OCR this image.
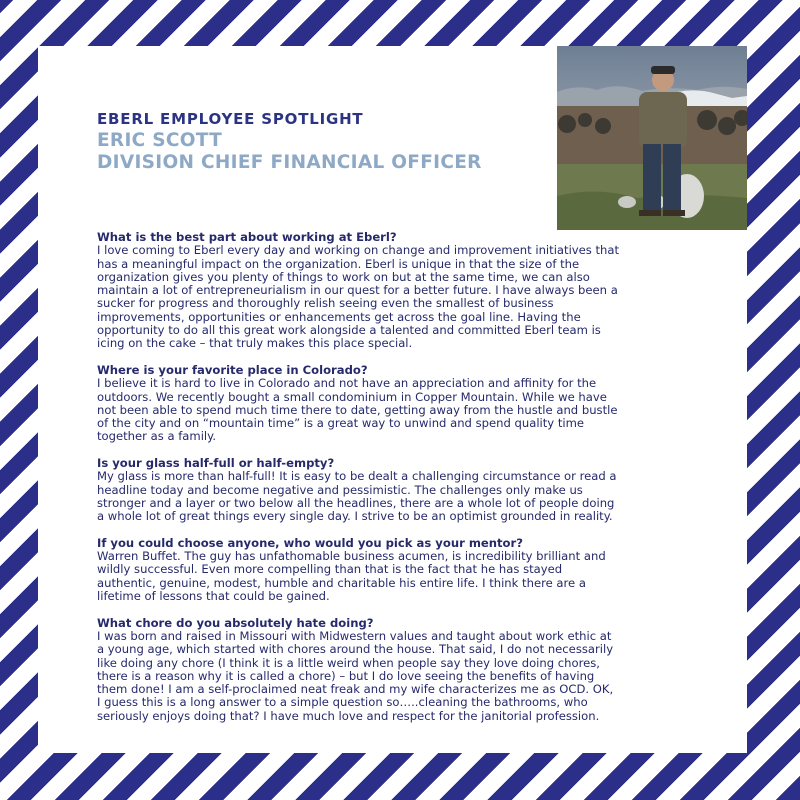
EBERL EMPLOYEE SPOTLIGHT
ERIC SCOTT
DIVISION CHIEF FINANCIAL OFFICER
What is the best part about working at Eberl?
I love coming to Eberl every day and working on change and improvement initiatives that
has a meaningful impact on the organization. Eberl is unique in that the size of the
organization gives you plenty of things to work on but at the same time, we can also
maintain a lot of entrepreneurialism in our quest for a better future. I have always been a
sucker for progress and thoroughly relish seeing even the smallest of business
improvements, opportunities or enhancements get across the goal line. Having the
opportunity to do all this great work alongside a talented and committed Eberl team is
icing on the cake – that truly makes this place special.
Where is your favorite place in Colorado?
I believe it is hard to live in Colorado and not have an appreciation and affinity for the
outdoors. We recently bought a small condominium in Copper Mountain. While we have
not been able to spend much time there to date, getting away from the hustle and bustle
of the city and on “mountain time” is a great way to unwind and spend quality time
together as a family.
Is your glass half-full or half-empty?
My glass is more than half-full! It is easy to be dealt a challenging circumstance or read a
headline today and become negative and pessimistic. The challenges only make us
stronger and a layer or two below all the headlines, there are a whole lot of people doing
a whole lot of great things every single day. I strive to be an optimist grounded in reality.
If you could choose anyone, who would you pick as your mentor?
Warren Buffet. The guy has unfathomable business acumen, is incredibility brilliant and
wildly successful. Even more compelling than that is the fact that he has stayed
authentic, genuine, modest, humble and charitable his entire life. I think there are a
lifetime of lessons that could be gained.
What chore do you absolutely hate doing?
I was born and raised in Missouri with Midwestern values and taught about work ethic at
a young age, which started with chores around the house. That said, I do not necessarily
like doing any chore (I think it is a little weird when people say they love doing chores,
there is a reason why it is called a chore) – but I do love seeing the benefits of having
them done! I am a self-proclaimed neat freak and my wife characterizes me as OCD. OK,
I guess this is a long answer to a simple question so…..cleaning the bathrooms, who
seriously enjoys doing that? I have much love and respect for the janitorial profession.
